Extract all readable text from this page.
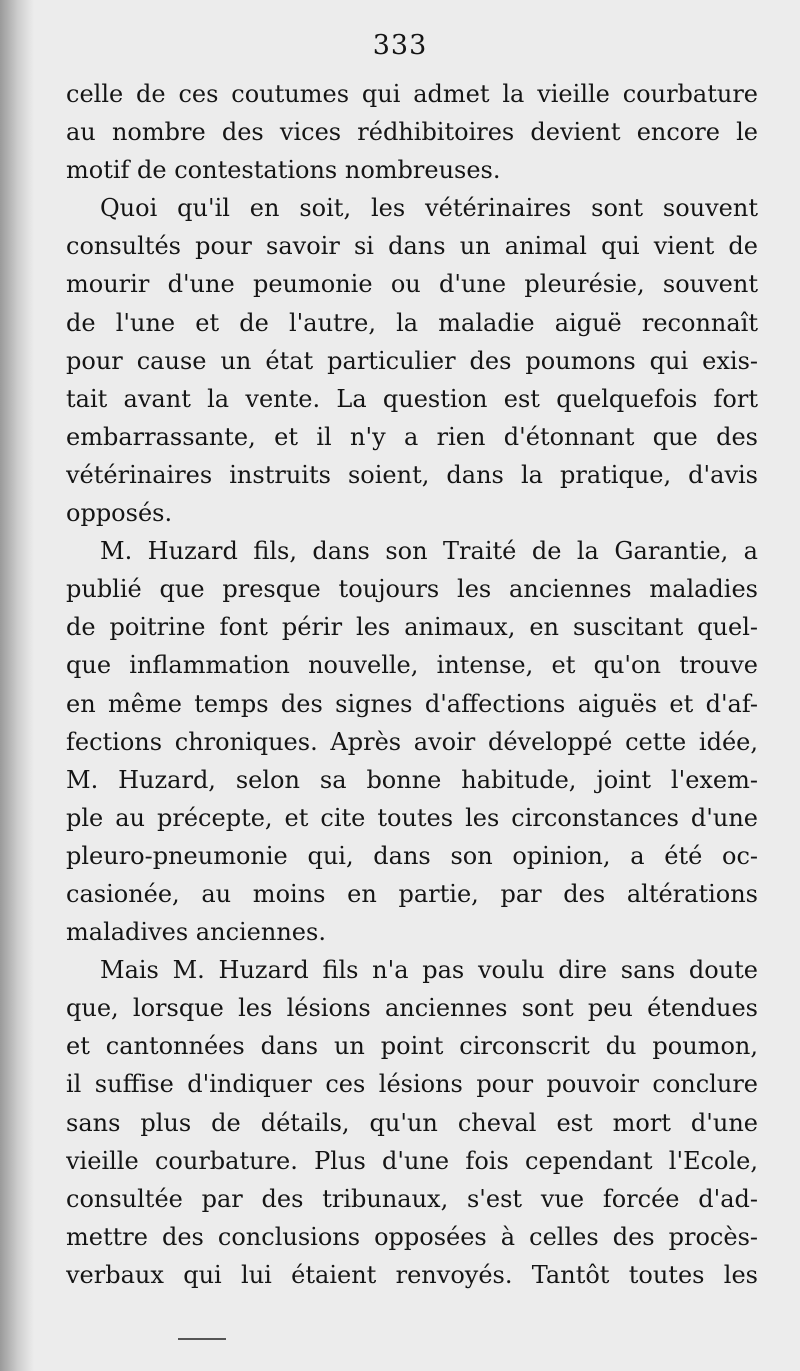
333
celle de ces coutumes qui admet la vieille courbature
au nombre des vices rédhibitoires devient encore le
motif de contestations nombreuses.
Quoi qu'il en soit, les vétérinaires sont souvent
consultés pour savoir si dans un animal qui vient de
mourir d'une peumonie ou d'une pleurésie, souvent
de l'une et de l'autre, la maladie aiguë reconnaît
pour cause un état particulier des poumons qui exis-
tait avant la vente. La question est quelquefois fort
embarrassante, et il n'y a rien d'étonnant que des
vétérinaires instruits soient, dans la pratique, d'avis
opposés.
M. Huzard fils, dans son Traité de la Garantie, a
publié que presque toujours les anciennes maladies
de poitrine font périr les animaux, en suscitant quel-
que inflammation nouvelle, intense, et qu'on trouve
en même temps des signes d'affections aiguës et d'af-
fections chroniques. Après avoir développé cette idée,
M. Huzard, selon sa bonne habitude, joint l'exem-
ple au précepte, et cite toutes les circonstances d'une
pleuro-pneumonie qui, dans son opinion, a été oc-
casionée, au moins en partie, par des altérations
maladives anciennes.
Mais M. Huzard fils n'a pas voulu dire sans doute
que, lorsque les lésions anciennes sont peu étendues
et cantonnées dans un point circonscrit du poumon,
il suffise d'indiquer ces lésions pour pouvoir conclure
sans plus de détails, qu'un cheval est mort d'une
vieille courbature. Plus d'une fois cependant l'Ecole,
consultée par des tribunaux, s'est vue forcée d'ad-
mettre des conclusions opposées à celles des procès-
verbaux qui lui étaient renvoyés. Tantôt toutes les
